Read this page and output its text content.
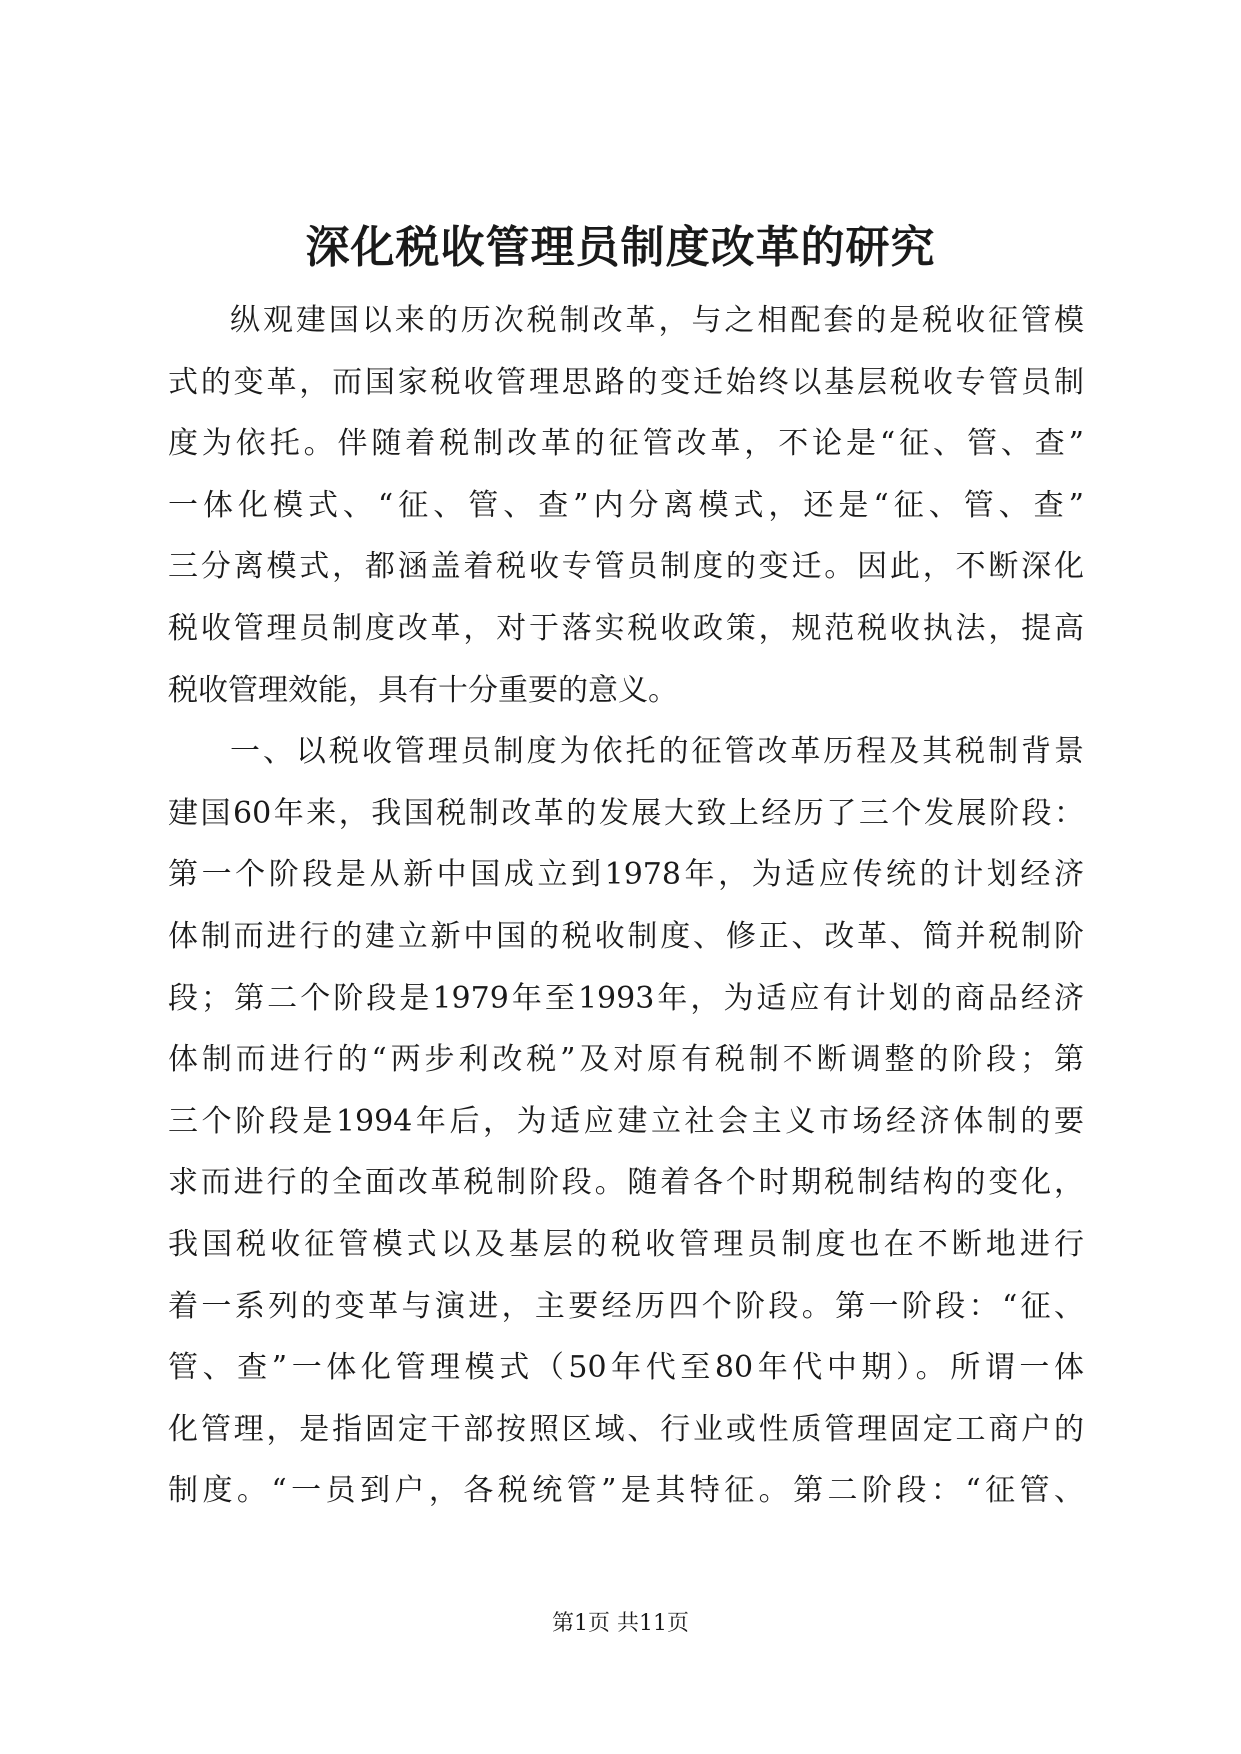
深化税收管理员制度改革的研究
纵观建国以来的历次税制改革，与之相配套的是税收征管模
式的变革，而国家税收管理思路的变迁始终以基层税收专管员制
度为依托。伴随着税制改革的征管改革，不论是“征、管、查”
一体化模式、“征、管、查”内分离模式，还是“征、管、查”
三分离模式，都涵盖着税收专管员制度的变迁。因此，不断深化
税收管理员制度改革，对于落实税收政策，规范税收执法，提高
税收管理效能，具有十分重要的意义。
一、以税收管理员制度为依托的征管改革历程及其税制背景
建国60年来，我国税制改革的发展大致上经历了三个发展阶段：
第一个阶段是从新中国成立到1978年，为适应传统的计划经济
体制而进行的建立新中国的税收制度、修正、改革、简并税制阶
段；第二个阶段是1979年至1993年，为适应有计划的商品经济
体制而进行的“两步利改税”及对原有税制不断调整的阶段；第
三个阶段是1994年后，为适应建立社会主义市场经济体制的要
求而进行的全面改革税制阶段。随着各个时期税制结构的变化，
我国税收征管模式以及基层的税收管理员制度也在不断地进行
着一系列的变革与演进，主要经历四个阶段。第一阶段：“征、
管、查”一体化管理模式（50年代至80年代中期）。所谓一体
化管理，是指固定干部按照区域、行业或性质管理固定工商户的
制度。“一员到户，各税统管”是其特征。第二阶段：“征管、
第1页 共11页
